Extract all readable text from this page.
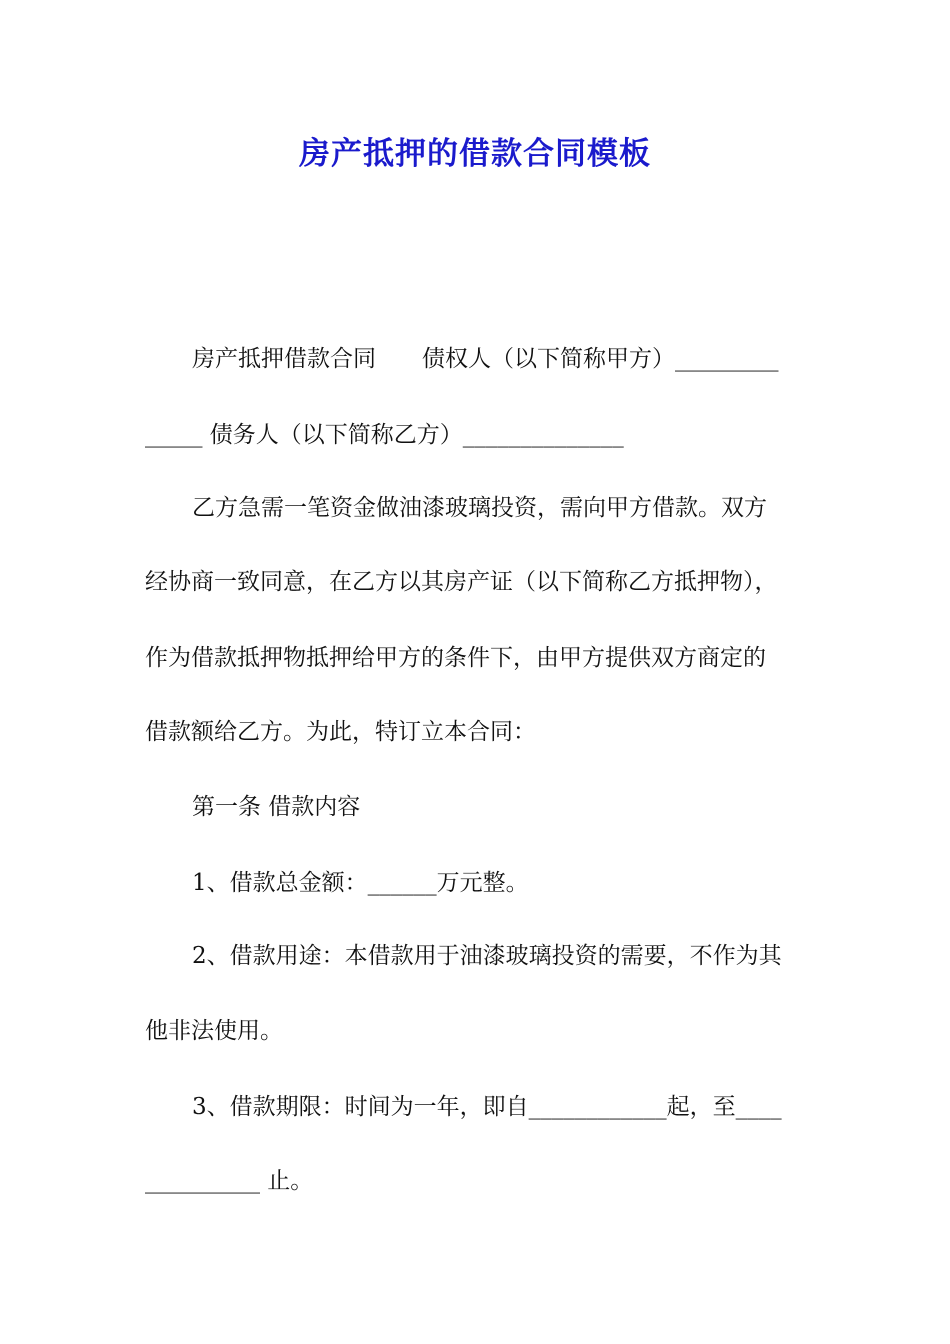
房产抵押的借款合同模板
房产抵押借款合同　　债权人（以下简称甲方）_________
_____ 债务人（以下简称乙方）______________
乙方急需一笔资金做油漆玻璃投资，需向甲方借款。双方
经协商一致同意，在乙方以其房产证（以下简称乙方抵押物），
作为借款抵押物抵押给甲方的条件下，由甲方提供双方商定的
借款额给乙方。为此，特订立本合同：
第一条 借款内容
1、借款总金额：______万元整。
2、借款用途：本借款用于油漆玻璃投资的需要，不作为其
他非法使用。
3、借款期限：时间为一年，即自____________起，至____
__________ 止。
